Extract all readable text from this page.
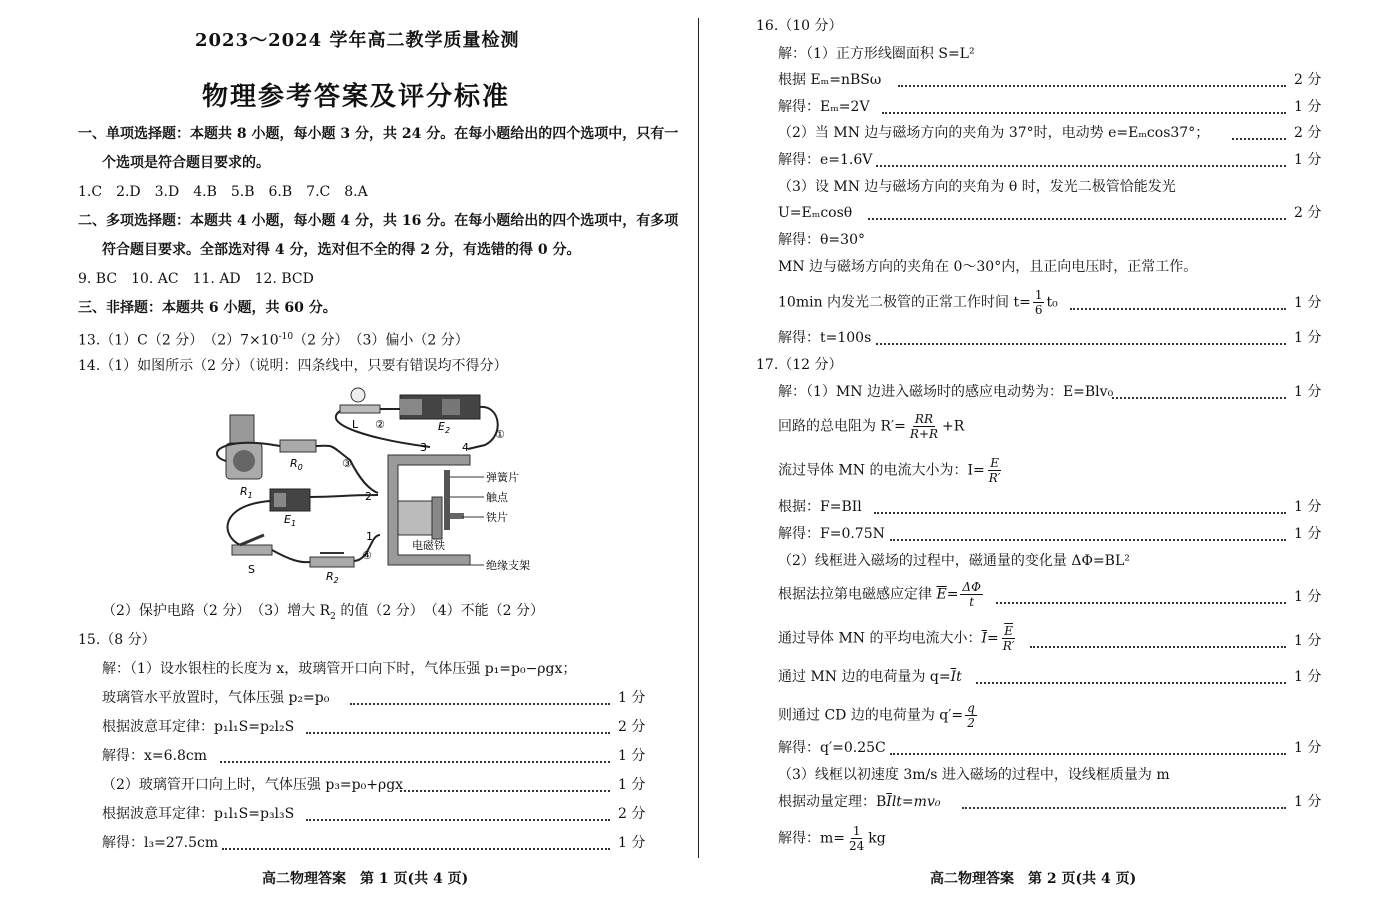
2023～2024 学年高二教学质量检测
物理参考答案及评分标准
一、单项选择题：本题共 8 小题，每小题 3 分，共 24 分。在每小题给出的四个选项中，只有一
个选项是符合题目要求的。
1.C　2.D　3.D　4.B　5.B　6.B　7.C　8.A
二、多项选择题：本题共 4 小题，每小题 4 分，共 16 分。在每小题给出的四个选项中，有多项
符合题目要求。全部选对得 4 分，选对但不全的得 2 分，有选错的得 0 分。
9. BC　10. AC　11. AD　12. BCD
三、非择题：本题共 6 小题，共 60 分。
13.（1）C（2 分）　$(2)7\times 10^{-10}(2$ 分）　（3）偏小（2 分）
14.（1）如图所示（2 分）（说明：四条线中，只要有错误均不得分）
L ②	$E_2$	①
3	4
$R_1$
$R_0$	③
2
$E_1$
S
$R_2$
④
1
弹簧片
触点
铁片
电磁铁
绝缘支架
（2）保护电路（2 分）　（3）增大 $R_2$ 的值（2 分）　（4）不能（2 分）
15.（8 分）
解：（1）设水银柱的长度为 x，玻璃管开口向下时，气体压强 p₁=p₀−ρgx；
玻璃管水平放置时，气体压强 p₂=p₀	1 分
根据波意耳定律：p₁l₁S=p₂l₂S	2 分
解得：x=6.8cm	1 分
（2）玻璃管开口向上时，气体压强 p₃=p₀+ρgx	1 分
根据波意耳定律：p₁l₁S=p₃l₃S	2 分
解得：l₃=27.5cm	1 分
高二物理答案　第 1 页(共 4 页)
16.（10 分）
解：（1）正方形线圈面积 S=L²
根据 Eₘ=nBSω	2 分
解得：Eₘ=2V	1 分
（2）当 MN 边与磁场方向的夹角为 37°时，电动势 e=Eₘcos37°；	2 分
解得：e=1.6V	1 分
（3）设 MN 边与磁场方向的夹角为 θ 时，发光二极管恰能发光
U=Eₘcosθ	2 分
解得：θ=30°
MN 边与磁场方向的夹角在 0～30°内，且正向电压时，正常工作。
10min 内发光二极管的正常工作时间 $t= \frac{1}{6} t_0$	1 分
解得：t=100s	1 分
17.（12 分）
解：（1）MN 边进入磁场时的感应电动势为：E=Blv₀	1 分
回路的总电阻为 $R'= \frac{RR}{R+R} +R$
流过导体 MN 的电流大小为：$I= \frac{E}{R'}$
根据：F=BIl	1 分
解得：F=0.75N	1 分
（2）线框进入磁场的过程中，磁通量的变化量 ΔΦ=BL²
根据法拉第电磁感应定律 $\overline{E}= \frac{\Delta\Phi}{t}$	1 分
通过导体 MN 的平均电流大小：$\overline{I}= \frac{\overline{E}}{R'}$	1 分
通过 MN 边的电荷量为 $q=\overline{I}t$	1 分
则通过 CD 边的电荷量为 $q'= \frac{q}{2}$
解得：q′=0.25C	1 分
（3）线框以初速度 3m/s 进入磁场的过程中，设线框质量为 m
根据动量定理：$B\overline{I}lt=mv_0$	1 分
解得：$m= \frac{1}{24}$ kg
高二物理答案　第 2 页(共 4 页)
